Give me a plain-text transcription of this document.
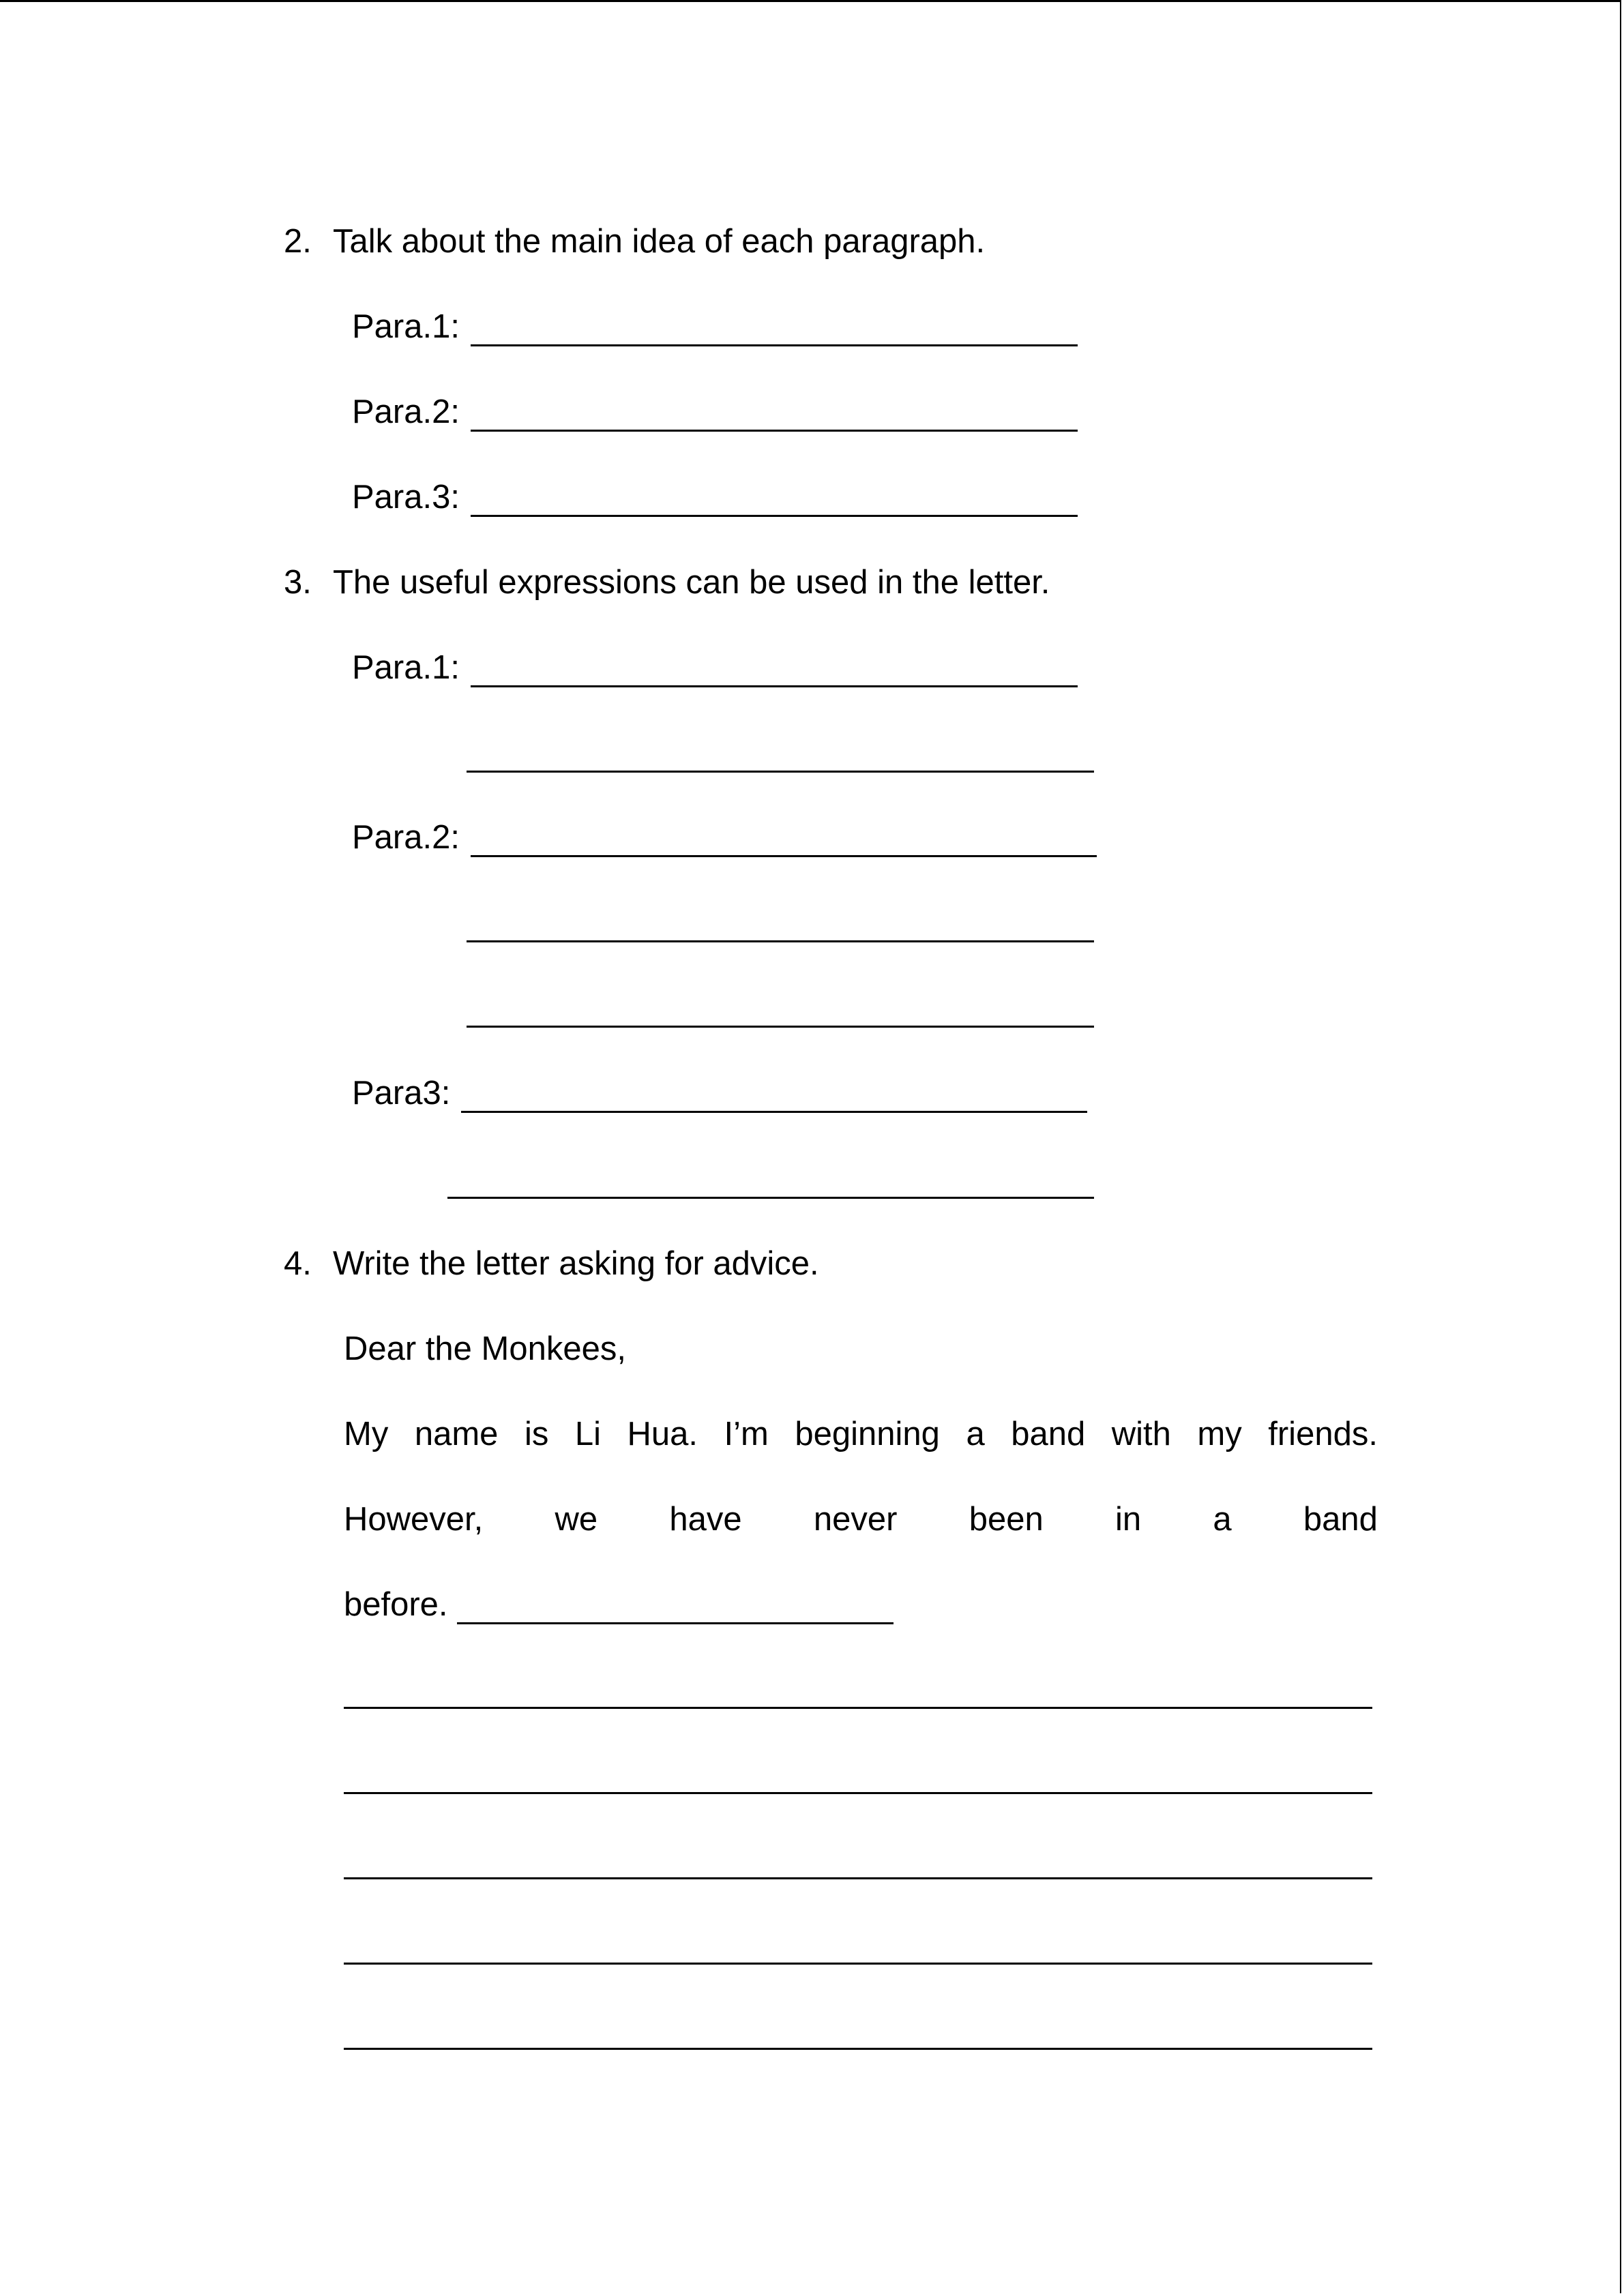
2. Talk about the main idea of each paragraph.
Para.1:
Para.2:
Para.3:
3. The useful expressions can be used in the letter.
Para.1:
Para.2:
Para3:
4. Write the letter asking for advice.
Dear the Monkees,
My name is Li Hua. I’m beginning a band with my friends.
However, we have never been in a band
before.
